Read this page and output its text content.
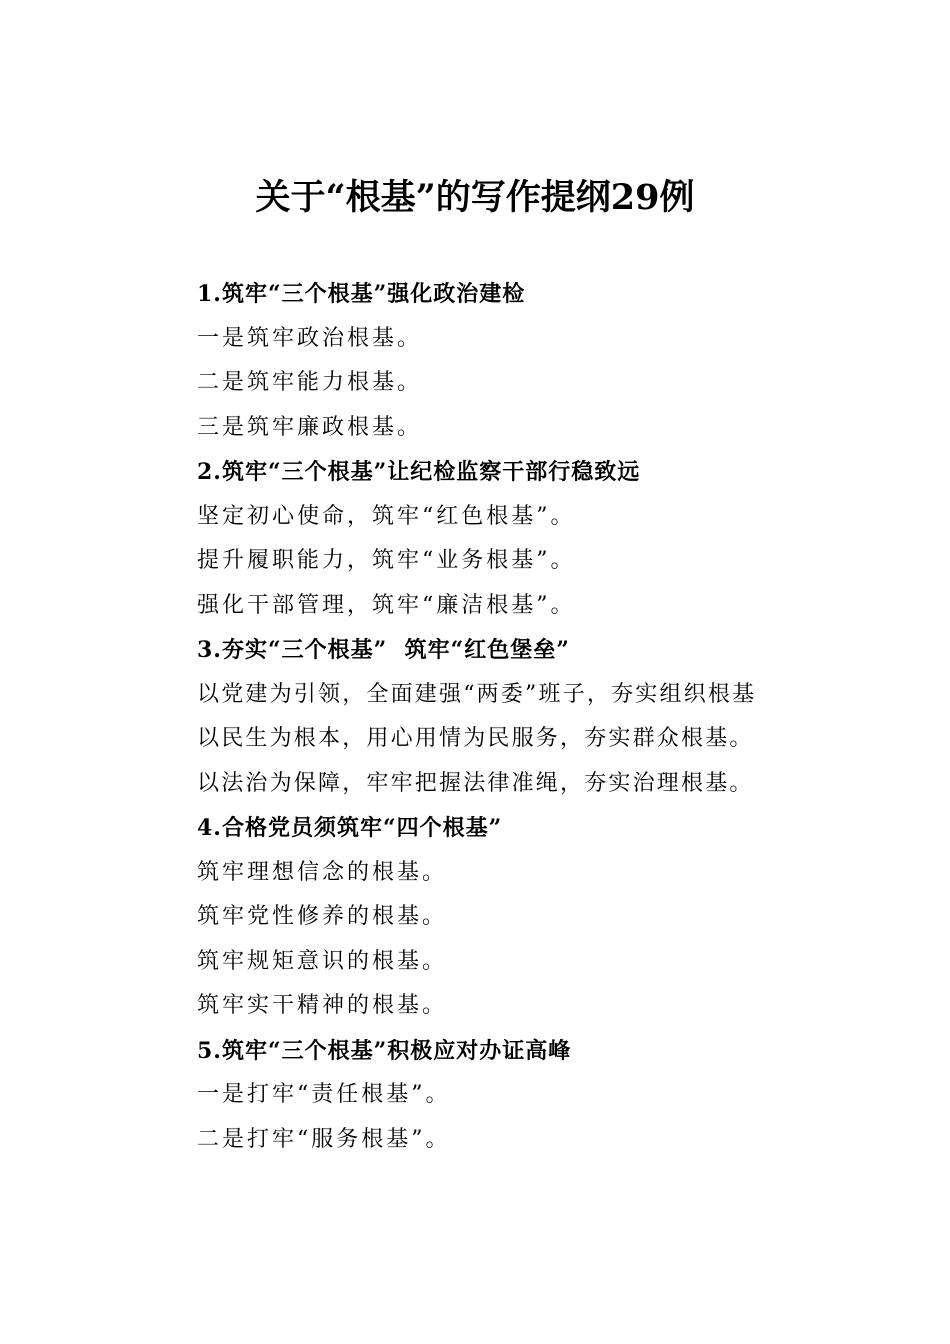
关于“根基”的写作提纲29例
1.筑牢“三个根基”强化政治建检
一是筑牢政治根基。
二是筑牢能力根基。
三是筑牢廉政根基。
2.筑牢“三个根基”让纪检监察干部行稳致远
坚定初心使命，筑牢“红色根基”。
提升履职能力，筑牢“业务根基”。
强化干部管理，筑牢“廉洁根基”。
3.夯实“三个根基”  筑牢“红色堡垒”
以党建为引领，全面建强“两委”班子，夯实组织根基
以民生为根本，用心用情为民服务，夯实群众根基。
以法治为保障，牢牢把握法律准绳，夯实治理根基。
4.合格党员须筑牢“四个根基”
筑牢理想信念的根基。
筑牢党性修养的根基。
筑牢规矩意识的根基。
筑牢实干精神的根基。
5.筑牢“三个根基”积极应对办证高峰
一是打牢“责任根基”。
二是打牢“服务根基”。
